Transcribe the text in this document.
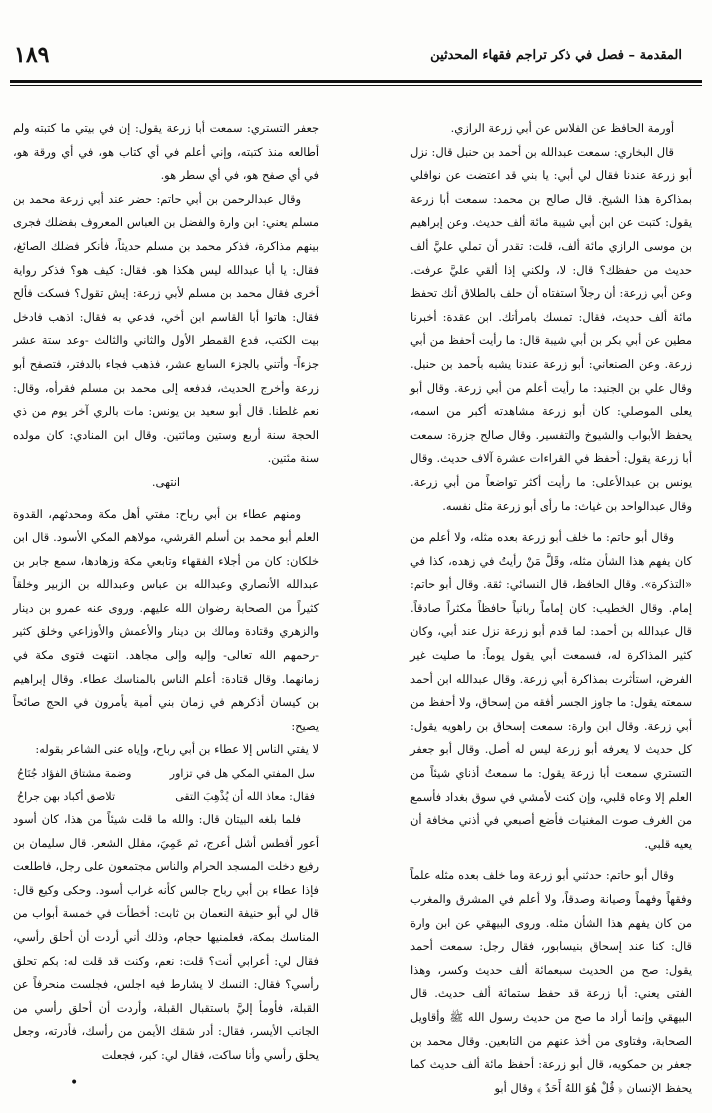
المقدمة – فصل في ذكر تراجم فقهاء المحدثين
١٨٩

أورمة الحافظ عن الفلاس عن أبي زرعة الرازي.

قال البخاري: سمعت عبدالله بن أحمد بن حنبل قال: نزل أبو زرعة عندنا فقال لي أبي: يا بني قد اعتضت عن نوافلي بمذاكرة هذا الشيخ. قال صالح بن محمد: سمعت أبا زرعة يقول: كتبت عن ابن أبي شيبة مائة ألف حديث. وعن إبراهيم بن موسى الرازي مائة ألف، قلت: تقدر أن تملي عليَّ ألف حديث من حفظك؟ قال: لا، ولكني إذا ألقي عليَّ عرفت. وعن أبي زرعة: أن رجلاً استفتاه أن حلف بالطلاق أنك تحفظ مائة ألف حديث، فقال: تمسك بامرأتك. ابن عقدة: أخبرنا مطين عن أبي بكر بن أبي شيبة قال: ما رأيت أحفظ من أبي زرعة. وعن الصنعاني: أبو زرعة عندنا يشبه بأحمد بن حنبل. وقال علي بن الجنيد: ما رأيت أعلم من أبي زرعة. وقال أبو يعلى الموصلي: كان أبو زرعة مشاهدته أكبر من اسمه، يحفظ الأبواب والشيوخ والتفسير. وقال صالح جزرة: سمعت أبا زرعة يقول: أحفظ في القراءات عشرة آلاف حديث. وقال يونس بن عبدالأعلى: ما رأيت أكثر تواضعاً من أبي زرعة. وقال عبدالواحد بن غياث: ما رأى أبو زرعة مثل نفسه.

وقال أبو حاتم: ما خلف أبو زرعة بعده مثله، ولا أعلم من كان يفهم هذا الشأن مثله، وقَلَّ مَنْ رأيتُ في زهده، كذا في «التذكرة». وقال الحافظ، قال النسائي: ثقة. وقال أبو حاتم: إمام. وقال الخطيب: كان إماماً ربانياً حافظاً مكثراً صادقاً. قال عبدالله بن أحمد: لما قدم أبو زرعة نزل عند أبي، وكان كثير المذاكرة له، فسمعت أبي يقول يوماً: ما صليت غير الفرض، استأثرت بمذاكرة أبي زرعة. وقال عبدالله ابن أحمد سمعته يقول: ما جاوز الجسر أفقه من إسحاق، ولا أحفظ من أبي زرعة. وقال ابن وارة: سمعت إسحاق بن راهويه يقول: كل حديث لا يعرفه أبو زرعة ليس له أصل. وقال أبو جعفر التستري سمعت أبا زرعة يقول: ما سمعتُ أذناي شيئاً من العلم إلا وعاه قلبي، وإن كنت لأمشي في سوق بغداد فأسمع من الغرف صوت المغنيات فأضع أصبعي في أذني مخافة أن يعيه قلبي.

وقال أبو حاتم: حدثني أبو زرعة وما خلف بعده مثله علماً وفقهاً وفهماً وصيانة وصدقاً، ولا أعلم في المشرق والمغرب من كان يفهم هذا الشأن مثله. وروى البيهقي عن ابن وارة قال: كنا عند إسحاق بنيسابور، فقال رجل: سمعت أحمد يقول: صح من الحديث سبعمائة ألف حديث وكسر، وهذا الفتى يعني: أبا زرعة قد حفظ ستمائة ألف حديث. قال البيهقي وإنما أراد ما صح من حديث رسول الله ﷺ وأقاويل الصحابة، وفتاوى من أخذ عنهم من التابعين. وقال محمد بن جعفر بن حمكويه، قال أبو زرعة: أحفظ مائة ألف حديث كما يحفظ الإنسان ﴿ قُلْ هُوَ اللهُ أَحَدٌ ﴾ وقال أبو

جعفر التستري: سمعت أبا زرعة يقول: إن في بيتي ما كتبته ولم أطالعه منذ كتبته، وإني أعلم في أي كتاب هو، في أي ورقة هو، في أي صفح هو، في أي سطر هو.

وقال عبدالرحمن بن أبي حاتم: حضر عند أبي زرعة محمد بن مسلم يعني: ابن وارة والفضل بن العباس المعروف بفضلك فجرى بينهم مذاكرة، فذكر محمد بن مسلم حديثاً، فأنكر فضلك الصائغ، فقال: يا أبا عبدالله ليس هكذا هو. فقال: كيف هو؟ فذكر رواية أخرى فقال محمد بن مسلم لأبي زرعة: إيش تقول؟ فسكت فألح فقال: هاتوا أبا القاسم ابن أخي، فدعي به فقال: اذهب فادخل بيت الكتب، فدع القمطر الأول والثاني والثالث -وعد ستة عشر جزءاً- وأتني بالجزء السابع عشر، فذهب فجاء بالدفتر، فتصفح أبو زرعة وأخرج الحديث، فدفعه إلى محمد بن مسلم فقرأه، وقال: نعم غلطنا. قال أبو سعيد بن يونس: مات بالري آخر يوم من ذي الحجة سنة أربع وستين ومائتين. وقال ابن المنادي: كان مولده سنة مئتين.

انتهى.

ومنهم عطاء بن أبي رباح: مفتي أهل مكة ومحدثهم، القدوة العلم أبو محمد بن أسلم القرشي، مولاهم المكي الأسود. قال ابن خلكان: كان من أجلاء الفقهاء وتابعي مكة وزهادها، سمع جابر بن عبدالله الأنصاري وعبدالله بن عباس وعبدالله بن الزبير وخلقاً كثيراً من الصحابة رضوان الله عليهم. وروى عنه عمرو بن دينار والزهري وقتادة ومالك بن دينار والأعمش والأوزاعي وخلق كثير -رحمهم الله تعالى- وإليه وإلى مجاهد. انتهت فتوى مكة في زمانهما. وقال قتادة: أعلم الناس بالمناسك عطاء. وقال إبراهيم بن كيسان أذكرهم في زمان بني أمية يأمرون في الحج صائحاً يصيح:

لا يفتي الناس إلا عطاء بن أبي رباح، وإياه عنى الشاعر بقوله:

سل المفتي المكي هل في تزاور
وضمة مشتاق الفؤاد جُنَاحُ
فقال: معاذ الله أن يُذْهِبَ التقى
تلاصق أكباد بهن جراحُ

فلما بلغه البيتان قال: والله ما قلت شيئاً من هذا، كان أسود أعور أفطس أشل أعرج، ثم عَمِيَ، مفلل الشعر. قال سليمان بن رفيع دخلت المسجد الحرام والناس مجتمعون على رجل، فاطلعت فإذا عطاء بن أبي رباح جالس كأنه غراب أسود. وحكى وكيع قال: قال لي أبو حنيفة النعمان بن ثابت: أخطأت في خمسة أبواب من المناسك بمكة، فعلمنيها حجام، وذلك أني أردت أن أحلق رأسي، فقال لي: أعرابي أنت؟ قلت: نعم، وكنت قد قلت له: بكم تحلق رأسي؟ فقال: النسك لا يشارط فيه اجلس، فجلست منحرفاً عن القبلة، فأومأ إليَّ باستقبال القبلة، وأردت أن أحلق رأسي من الجانب الأيسر، فقال: أدر شقك الأيمن من رأسك، فأدرته، وجعل يحلق رأسي وأنا ساكت، فقال لي: كبر، فجعلت

•
